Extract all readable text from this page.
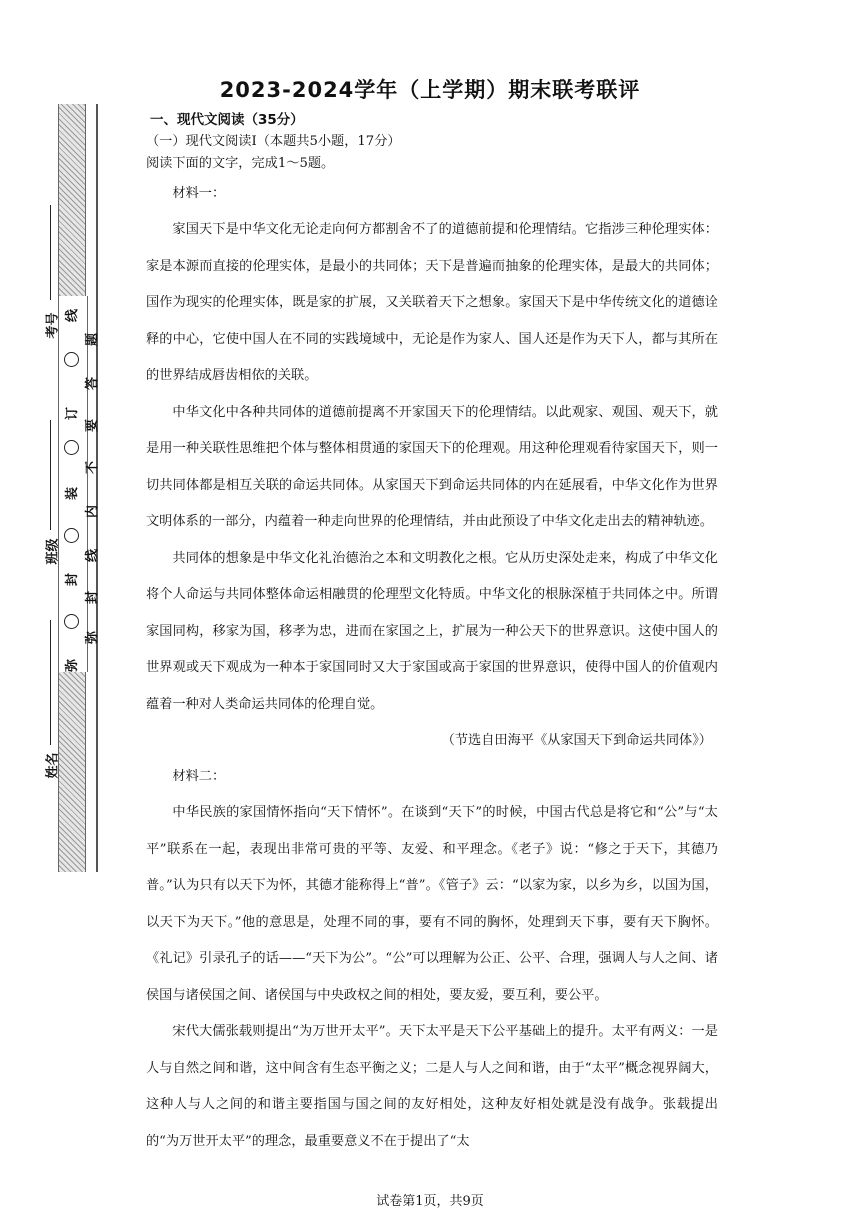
2023-2024学年（上学期）期末联考联评
考号
班级
姓名
线
订
装
封
弥
题
答
要
不
内
线
封
弥
一、现代文阅读（35分）
（一）现代文阅读Ⅰ（本题共5小题，17分）
阅读下面的文字，完成1～5题。

材料一：

家国天下是中华文化无论走向何方都割舍不了的道德前提和伦理情结。它指涉三种伦理实体：家是本源而直接的伦理实体，是最小的共同体；天下是普遍而抽象的伦理实体，是最大的共同体；国作为现实的伦理实体，既是家的扩展，又关联着天下之想象。家国天下是中华传统文化的道德诠释的中心，它使中国人在不同的实践境域中，无论是作为家人、国人还是作为天下人，都与其所在的世界结成唇齿相依的关联。

中华文化中各种共同体的道德前提离不开家国天下的伦理情结。以此观家、观国、观天下，就是用一种关联性思维把个体与整体相贯通的家国天下的伦理观。用这种伦理观看待家国天下，则一切共同体都是相互关联的命运共同体。从家国天下到命运共同体的内在延展看，中华文化作为世界文明体系的一部分，内蕴着一种走向世界的伦理情结，并由此预设了中华文化走出去的精神轨迹。

共同体的想象是中华文化礼治德治之本和文明教化之根。它从历史深处走来，构成了中华文化将个人命运与共同体整体命运相融贯的伦理型文化特质。中华文化的根脉深植于共同体之中。所谓家国同构，移家为国，移孝为忠，进而在家国之上，扩展为一种公天下的世界意识。这使中国人的世界观或天下观成为一种本于家国同时又大于家国或高于家国的世界意识，使得中国人的价值观内蕴着一种对人类命运共同体的伦理自觉。

（节选自田海平《从家国天下到命运共同体》）

材料二：

中华民族的家国情怀指向“天下情怀”。在谈到“天下”的时候，中国古代总是将它和“公”与“太平”联系在一起，表现出非常可贵的平等、友爱、和平理念。《老子》说：“修之于天下，其德乃普。”认为只有以天下为怀，其德才能称得上“普”。《管子》云：“以家为家，以乡为乡，以国为国，以天下为天下。”他的意思是，处理不同的事，要有不同的胸怀，处理到天下事，要有天下胸怀。《礼记》引录孔子的话——“天下为公”。“公”可以理解为公正、公平、合理，强调人与人之间、诸侯国与诸侯国之间、诸侯国与中央政权之间的相处，要友爱，要互利，要公平。

宋代大儒张载则提出“为万世开太平”。天下太平是天下公平基础上的提升。太平有两义：一是人与自然之间和谐，这中间含有生态平衡之义；二是人与人之间和谐，由于“太平”概念视界阔大，这种人与人之间的和谐主要指国与国之间的友好相处，这种友好相处就是没有战争。张载提出的“为万世开太平”的理念，最重要意义不在于提出了“太

试卷第1页，共9页
